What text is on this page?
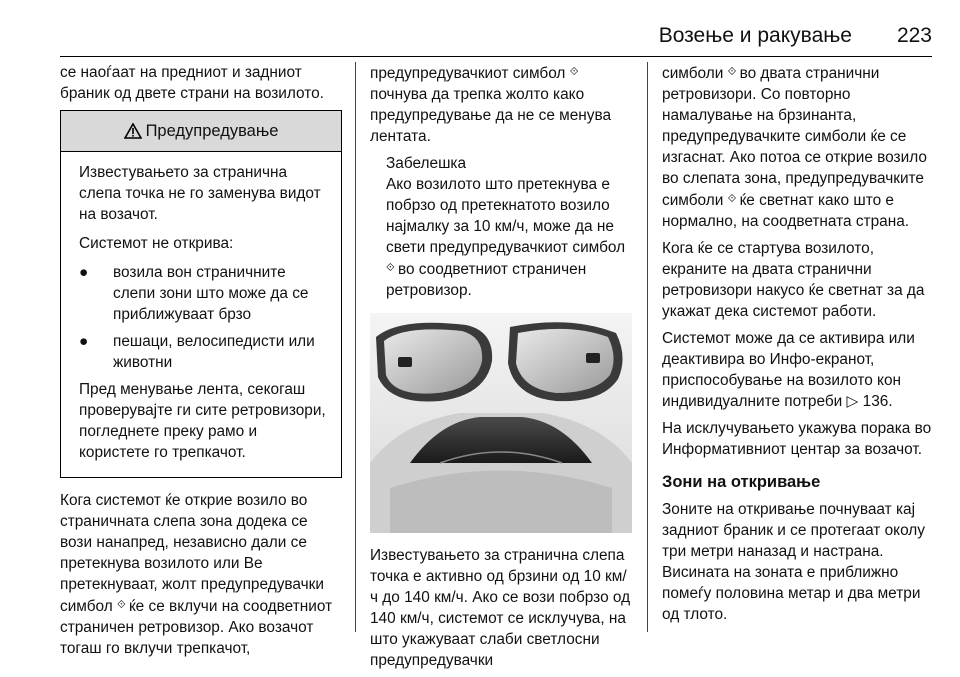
Возење и ракување 223

се наоѓаат на предниот и задниот браник од двете страни на возилото.

Предупредување

Известувањето за странична слепа точка не го заменува видот на возачот.

Системот не открива:

● возила вон страничните слепи зони што може да се приближуваат брзо
● пешаци, велосипедисти или животни

Пред менување лента, секогаш проверувајте ги сите ретровизори, погледнете преку рамо и користете го трепкачот.

Кога системот ќе открие возило во страничната слепа зона додека се вози нанапред, независно дали се претекнува возилото или Ве претекнуваат, жолт предупредувачки симбол ⟐ ќе се вклучи на соодветниот страничен ретровизор. Ако возачот тогаш го вклучи трепкачот,

предупредувачкиот симбол ⟐ почнува да трепка жолто како предупредување да не се менува лентата.

Забелешка
Ако возилото што претекнува е побрзо од претекнатото возило најмалку за 10 км/ч, може да не свети предупредувачкиот симбол ⟐ во соодветниот страничен ретровизор.

Известувањето за странична слепа точка е активно од брзини од 10 км/ч до 140 км/ч. Ако се вози побрзо од 140 км/ч, системот се исклучува, на што укажуваат слаби светлосни предупредувачки

симболи ⟐ во двата странични ретровизори. Со повторно намалување на брзинанта, предупредувачките симболи ќе се изгаснат. Ако потоа се открие возило во слепата зона, предупредувачките симболи ⟐ ќе светнат како што е нормално, на соодветната страна.

Кога ќе се стартува возилото, екраните на двата странични ретровизори накусо ќе светнат за да укажат дека системот работи.

Системот може да се активира или деактивира во Инфо-екранот, приспособување на возилото кон индивидуалните потреби ▷ 136.

На исклучувањето укажува порака во Информативниот центар за возачот.

Зони на откривање

Зоните на откривање почнуваат кај задниот браник и се протегаат околу три метри наназад и настрана. Висината на зоната е приближно помеѓу половина метар и два метри од тлото.
